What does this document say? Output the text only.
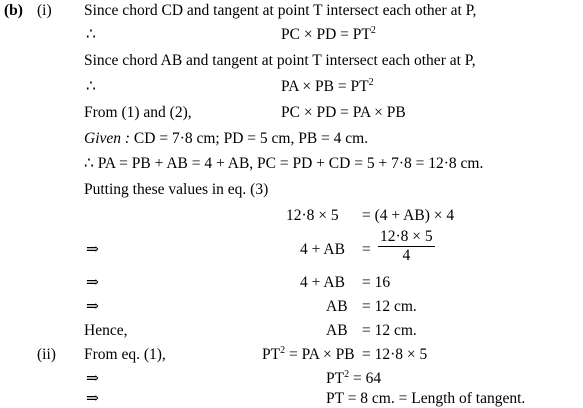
(b) (i) Since chord CD and tangent at point T intersect each other at P,
∴	PC × PD = $PT^2$
Since chord AB and tangent at point T intersect each other at P,
∴	PA × PB = $PT^2$
From (1) and (2),	PC × PD = PA × PB
Given : CD = 7·8 cm; PD = 5 cm, PB = 4 cm.
∴ PA = PB + AB = 4 + AB, PC = PD + CD = 5 + 7·8 = 12·8 cm.
Putting these values in eq. (3)
12·8 × 5 = (4 + AB) × 4
⇒	4 + AB = $\frac{12\cdot 8 \times 5}{4}$
⇒	4 + AB = 16
⇒	AB = 12 cm.
Hence,	AB = 12 cm.
(ii) From eq. (1),	$PT^2$ = PA × PB = 12·8 × 5
⇒	$PT^2 = 64$
⇒	PT = 8 cm. = Length of tangent.
